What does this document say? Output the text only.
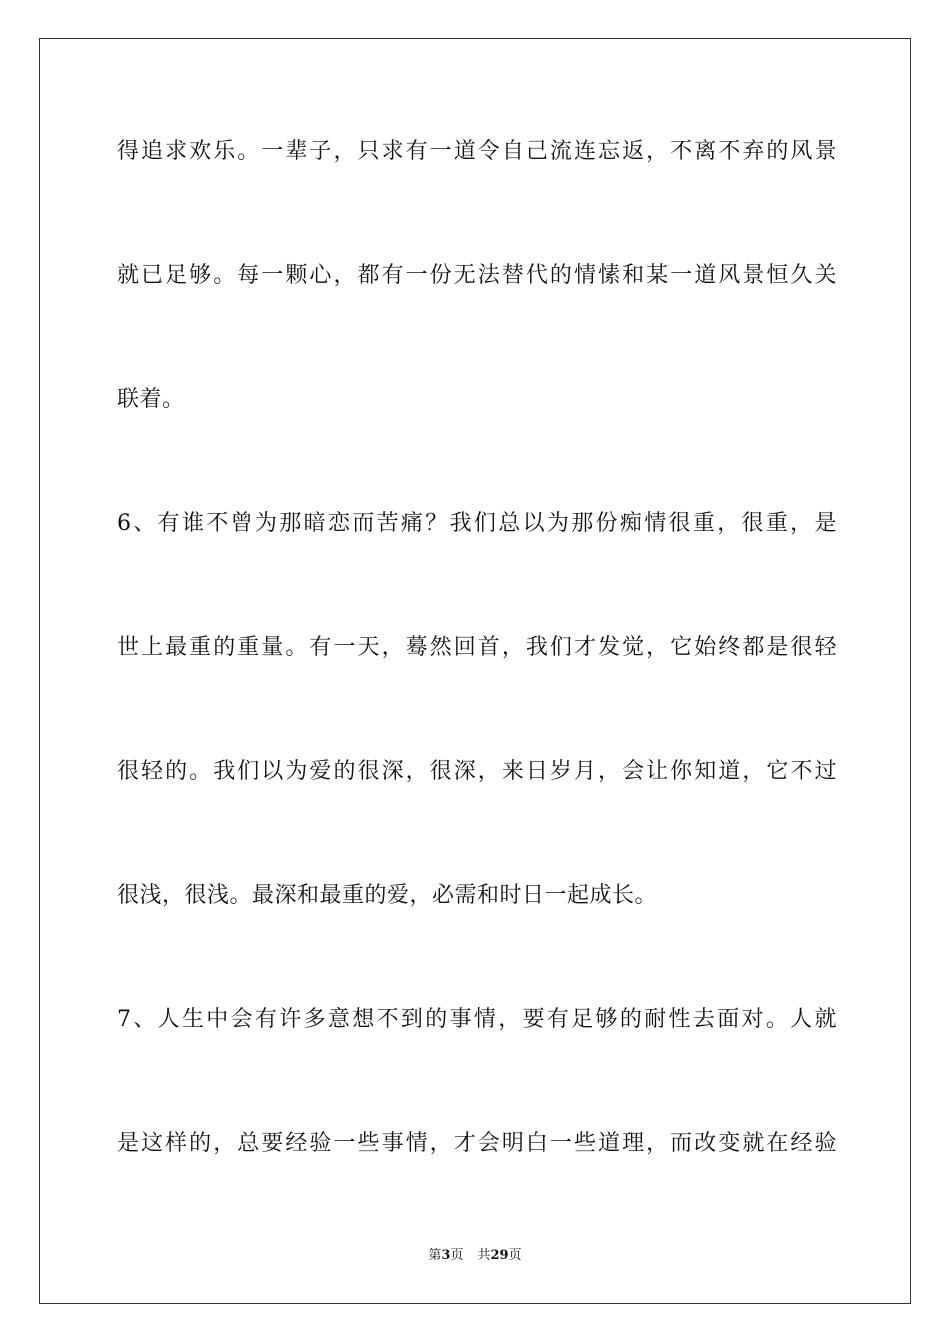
得追求欢乐。一辈子，只求有一道令自己流连忘返，不离不弃的风景
就已足够。每一颗心，都有一份无法替代的情愫和某一道风景恒久关
联着。
6、有谁不曾为那暗恋而苦痛？我们总以为那份痴情很重，很重，是
世上最重的重量。有一天，蓦然回首，我们才发觉，它始终都是很轻
很轻的。我们以为爱的很深，很深，来日岁月，会让你知道，它不过
很浅，很浅。最深和最重的爱，必需和时日一起成长。
7、人生中会有许多意想不到的事情，要有足够的耐性去面对。人就
是这样的，总要经验一些事情，才会明白一些道理，而改变就在经验
第3页 共29页
